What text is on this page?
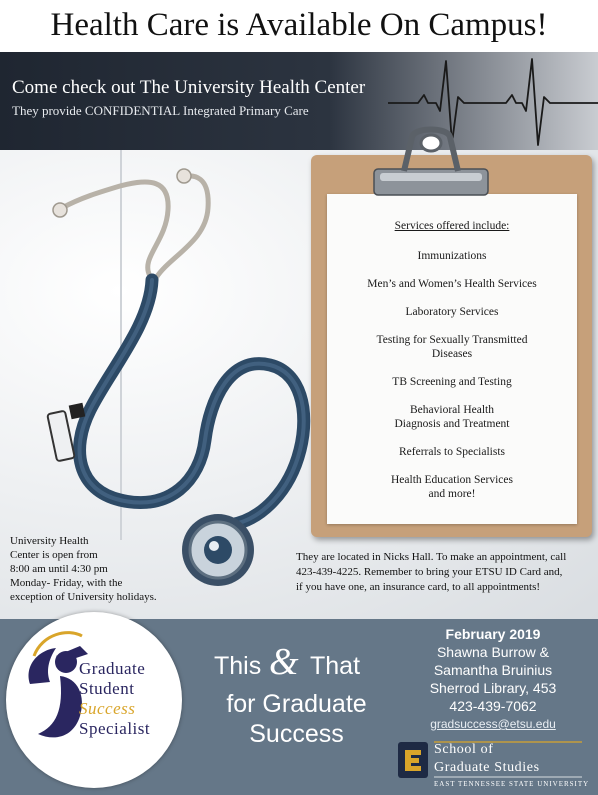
Health Care is Available On Campus!
Come check out The University Health Center
They provide CONFIDENTIAL Integrated Primary Care
Services offered include:
Immunizations
Men’s and Women’s Health Services
Laboratory Services
Testing for Sexually Transmitted
Diseases
TB Screening and Testing
Behavioral Health
Diagnosis and Treatment
Referrals to Specialists
Health Education Services
and more!
University Health
Center is open from
8:00 am until 4:30 pm
Monday- Friday, with the
exception of University holidays.
They are located in Nicks Hall. To make an appointment, call
423-439-4225. Remember to bring your ETSU ID Card and,
if you have one, an insurance card, to all appointments!
Graduate
Student
Success
Specialist
This & That
for Graduate Success
February 2019
Shawna Burrow &
Samantha Bruinius
Sherrod Library, 453
423-439-7062
gradsuccess@etsu.edu
School of
Graduate Studies
EAST TENNESSEE STATE UNIVERSITY
